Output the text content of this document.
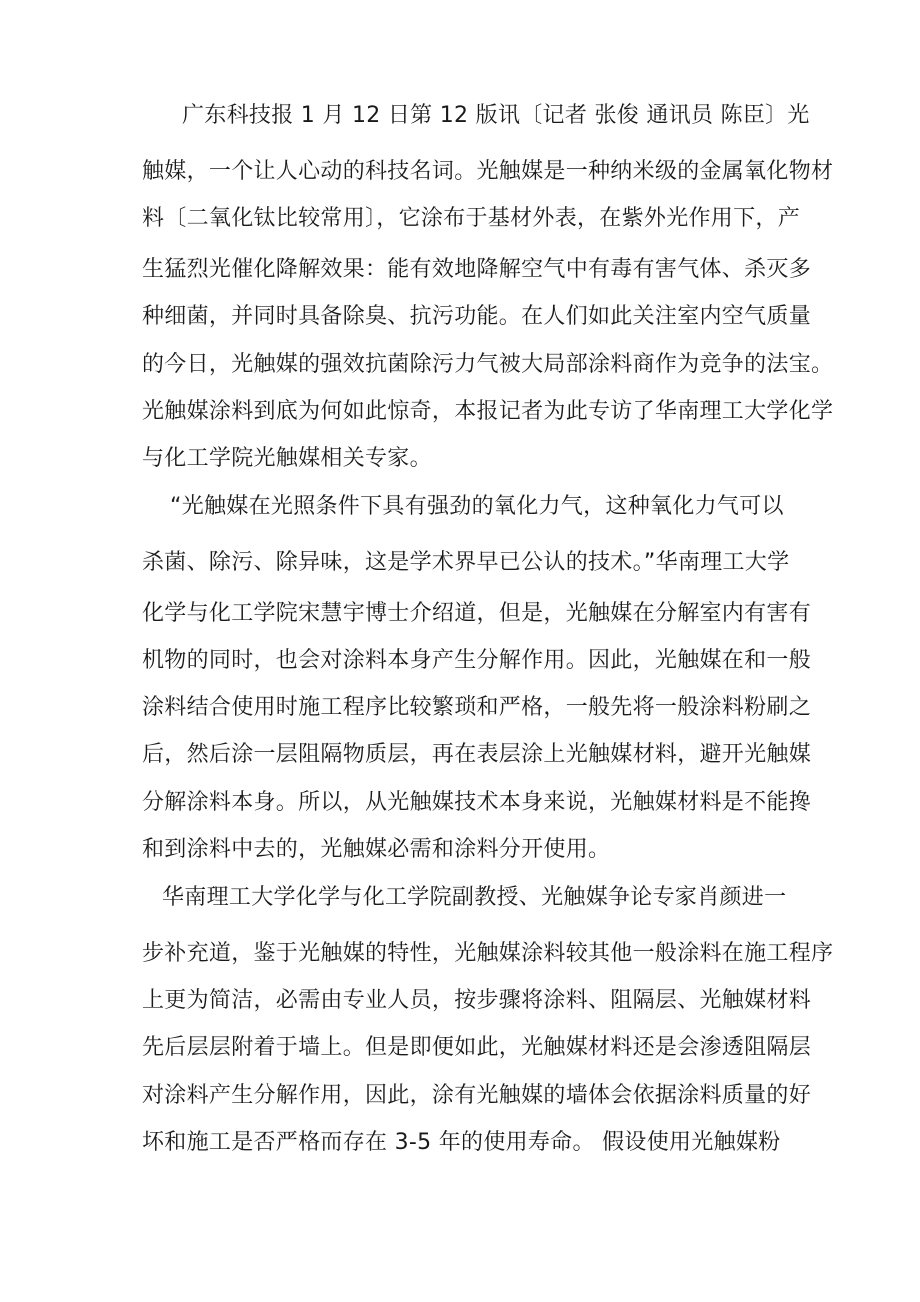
广东科技报 1 月 12 日第 12 版讯〔记者 张俊 通讯员 陈臣〕光
触媒，一个让人心动的科技名词。光触媒是一种纳米级的金属氧化物材
料〔二氧化钛比较常用〕，它涂布于基材外表，在紫外光作用下，产
生猛烈光催化降解效果：能有效地降解空气中有毒有害气体、杀灭多
种细菌，并同时具备除臭、抗污功能。在人们如此关注室内空气质量
的今日，光触媒的强效抗菌除污力气被大局部涂料商作为竞争的法宝。
光触媒涂料到底为何如此惊奇，本报记者为此专访了华南理工大学化学
与化工学院光触媒相关专家。
“光触媒在光照条件下具有强劲的氧化力气，这种氧化力气可以
杀菌、除污、除异味，这是学术界早已公认的技术。”华南理工大学
化学与化工学院宋慧宇博士介绍道，但是，光触媒在分解室内有害有
机物的同时，也会对涂料本身产生分解作用。因此，光触媒在和一般
涂料结合使用时施工程序比较繁琐和严格，一般先将一般涂料粉刷之
后，然后涂一层阻隔物质层，再在表层涂上光触媒材料，避开光触媒
分解涂料本身。所以，从光触媒技术本身来说，光触媒材料是不能搀
和到涂料中去的，光触媒必需和涂料分开使用。
华南理工大学化学与化工学院副教授、光触媒争论专家肖颜进一
步补充道，鉴于光触媒的特性，光触媒涂料较其他一般涂料在施工程序
上更为简洁，必需由专业人员，按步骤将涂料、阻隔层、光触媒材料
先后层层附着于墙上。但是即便如此，光触媒材料还是会渗透阻隔层
对涂料产生分解作用，因此，涂有光触媒的墙体会依据涂料质量的好
坏和施工是否严格而存在 3-5 年的使用寿命。 假设使用光触媒粉
